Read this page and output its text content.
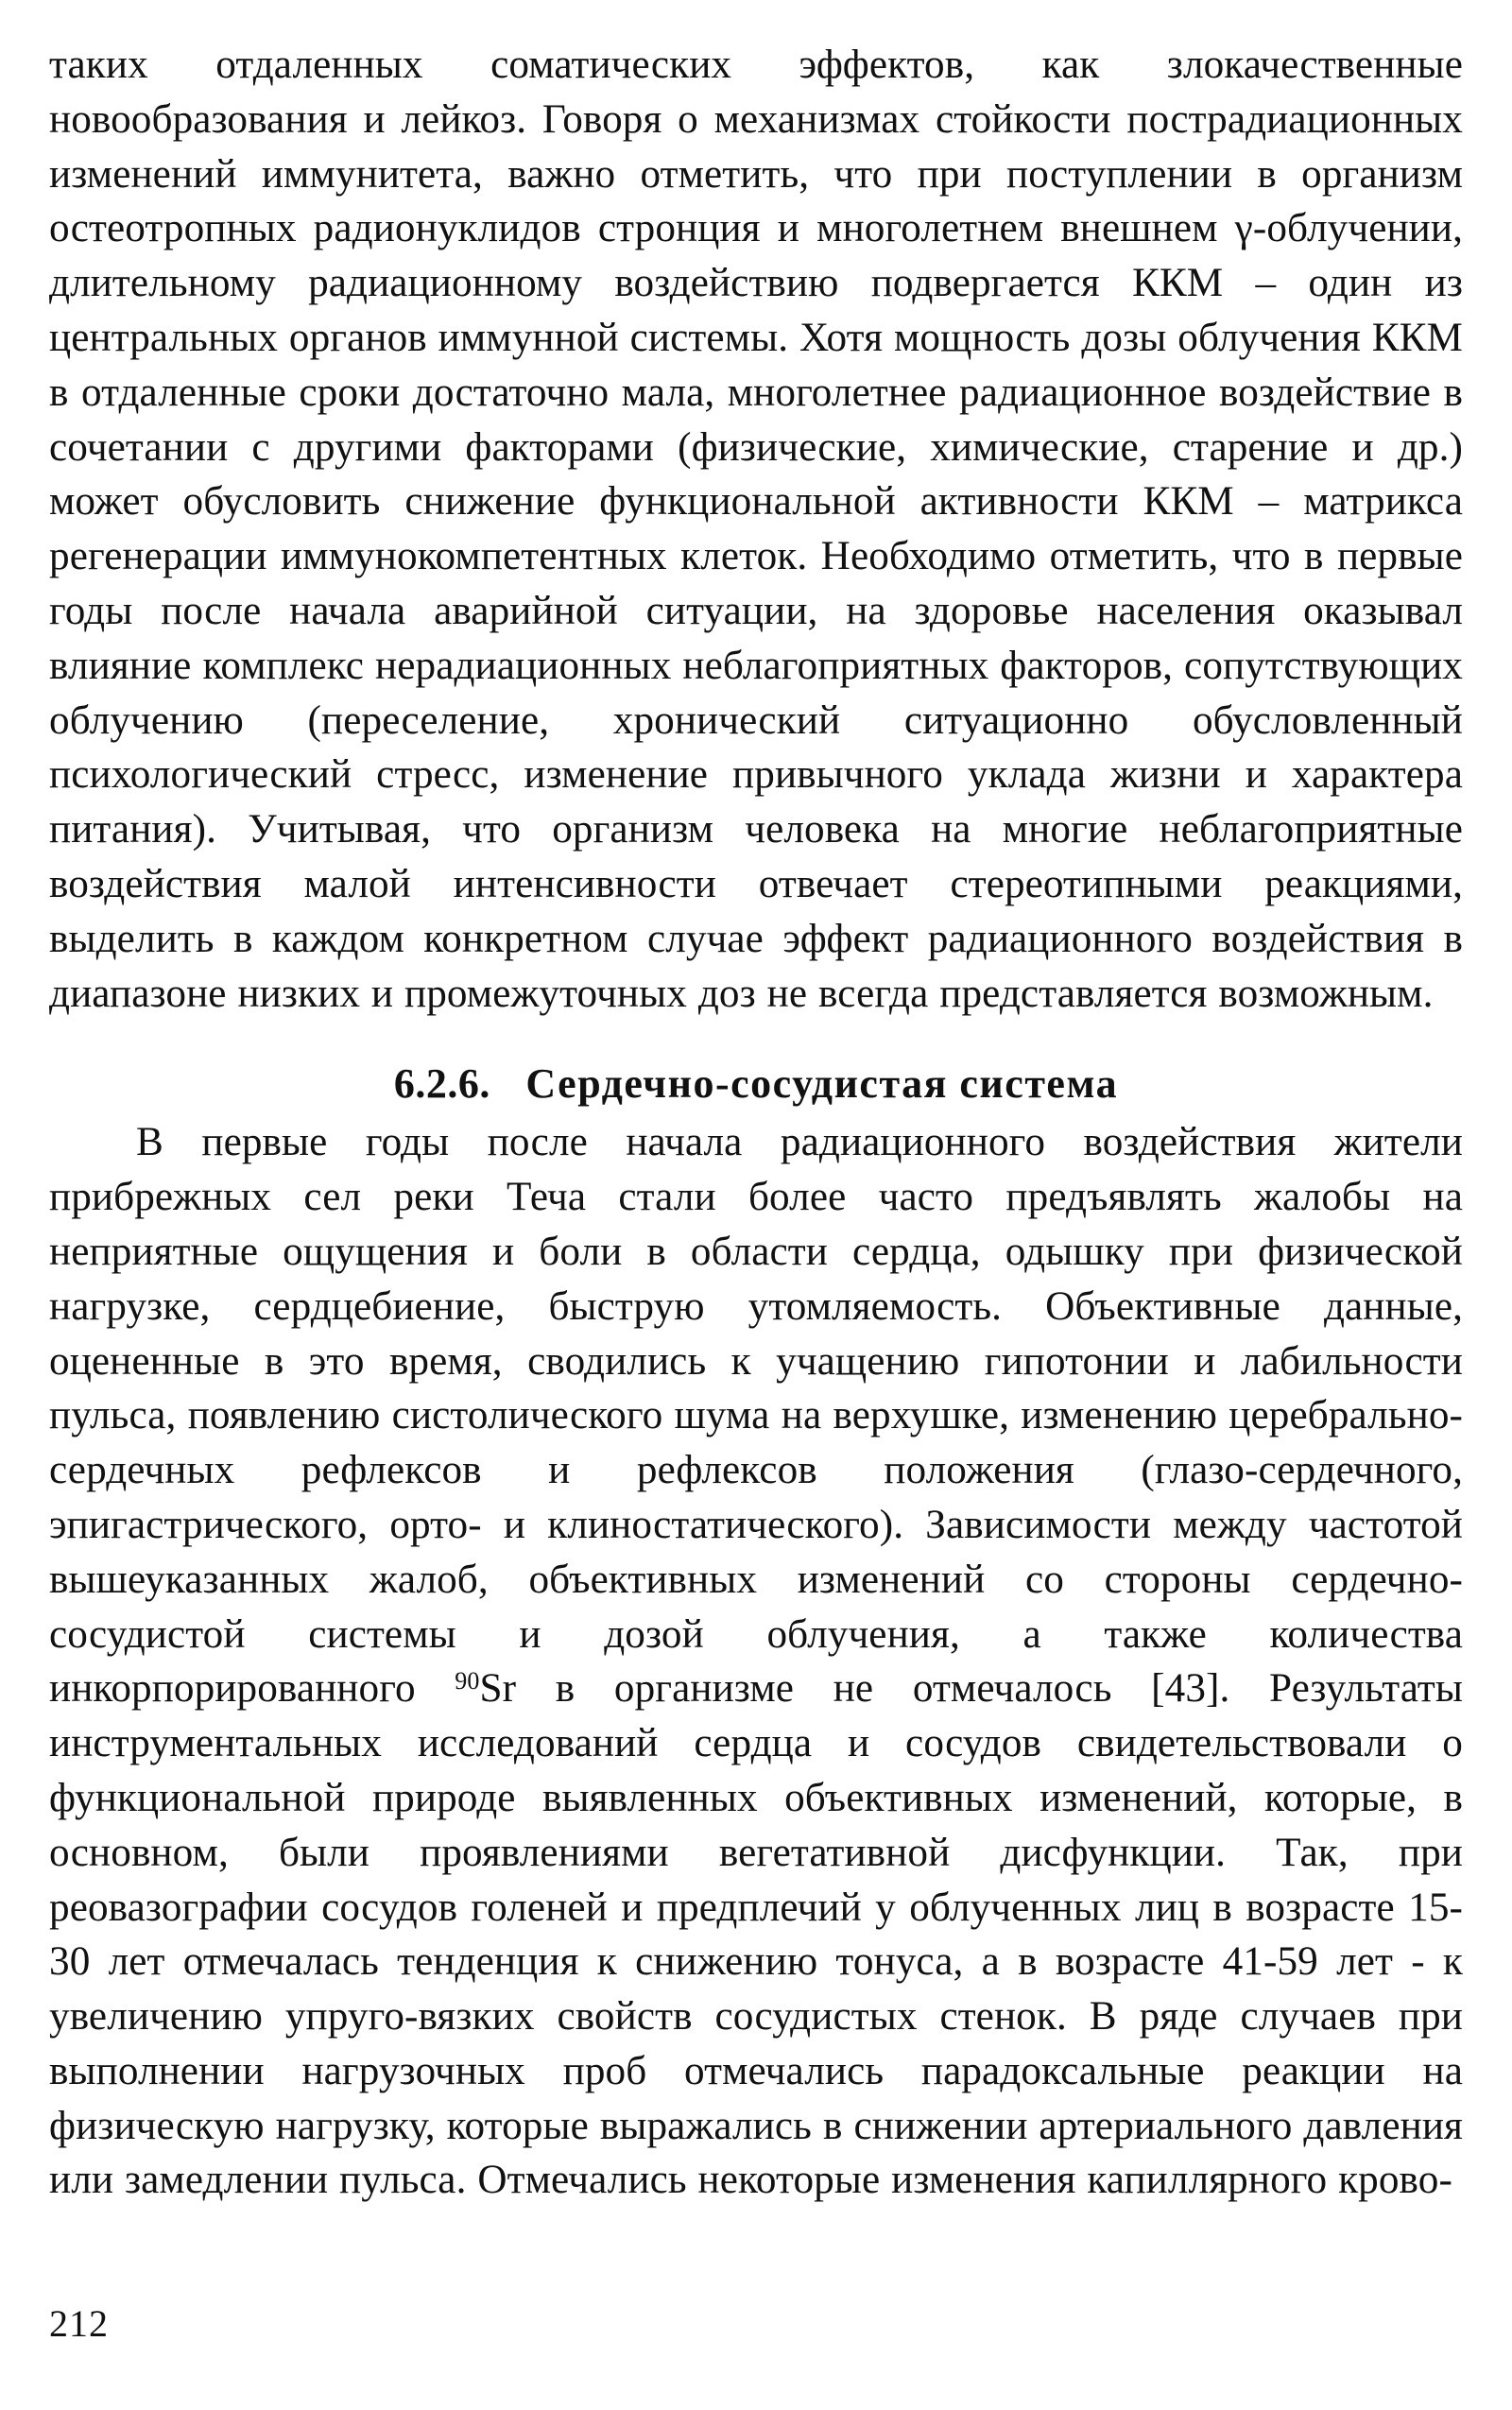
таких отдаленных соматических эффектов, как злокачественные новообразования и лейкоз. Говоря о механизмах стойкости пострадиационных изменений иммунитета, важно отметить, что при поступлении в организм остеотропных радионуклидов стронция и многолетнем внешнем γ-облучении, длительному радиационному воздействию подвергается ККМ – один из центральных органов иммунной системы. Хотя мощность дозы облучения ККМ в отдаленные сроки достаточно мала, многолетнее радиационное воздействие в сочетании с другими факторами (физические, химические, старение и др.) может обусловить снижение функциональной активности ККМ – матрикса регенерации иммунокомпетентных клеток. Необходимо отметить, что в первые годы после начала аварийной ситуации, на здоровье населения оказывал влияние комплекс нерадиационных неблагоприятных факторов, сопутствующих облучению (переселение, хронический ситуационно обусловленный психологический стресс, изменение привычного уклада жизни и характера питания). Учитывая, что организм человека на многие неблагоприятные воздействия малой интенсивности отвечает стереотипными реакциями, выделить в каждом конкретном случае эффект радиационного воздействия в диапазоне низких и промежуточных доз не всегда представляется возможным.

6.2.6. Сердечно-сосудистая система

В первые годы после начала радиационного воздействия жители прибрежных сел реки Теча стали более часто предъявлять жалобы на неприятные ощущения и боли в области сердца, одышку при физической нагрузке, сердцебиение, быструю утомляемость. Объективные данные, оцененные в это время, сводились к учащению гипотонии и лабильности пульса, появлению систолического шума на верхушке, изменению церебрально-сердечных рефлексов и рефлексов положения (глазо-сердечного, эпигастрического, орто- и клиностатического). Зависимости между частотой вышеуказанных жалоб, объективных изменений со стороны сердечно-сосудистой системы и дозой облучения, а также количества инкорпорированного $^{90}$Sr в организме не отмечалось [43]. Результаты инструментальных исследований сердца и сосудов свидетельствовали о функциональной природе выявленных объективных изменений, которые, в основном, были проявлениями вегетативной дисфункции. Так, при реовазографии сосудов голеней и предплечий у облученных лиц в возрасте 15-30 лет отмечалась тенденция к снижению тонуса, а в возрасте 41-59 лет - к увеличению упруго-вязких свойств сосудистых стенок. В ряде случаев при выполнении нагрузочных проб отмечались парадоксальные реакции на физическую нагрузку, которые выражались в снижении артериального давления или замедлении пульса. Отмечались некоторые изменения капиллярного крово-

212
